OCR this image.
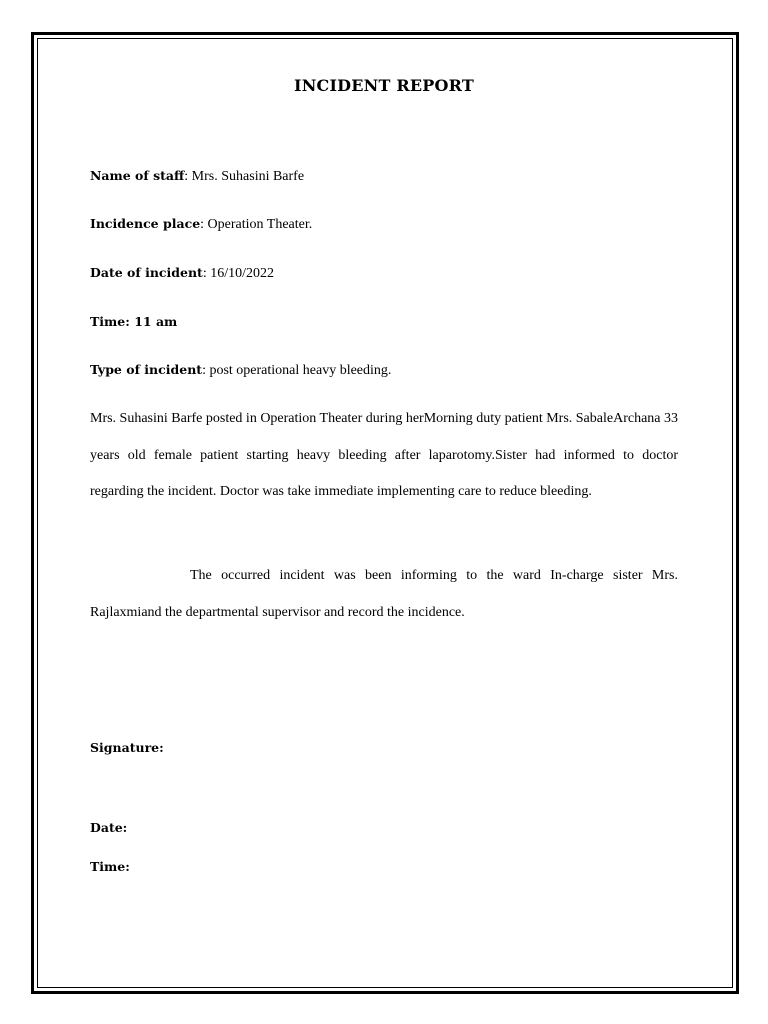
INCIDENT REPORT
Name of staff: Mrs. Suhasini Barfe
Incidence place: Operation Theater.
Date of incident: 16/10/2022
Time: 11 am
Type of incident: post operational heavy bleeding.
Mrs. Suhasini Barfe posted in Operation Theater during herMorning duty patient Mrs. SabaleArchana 33 years old female patient starting heavy bleeding after laparotomy.Sister had informed to doctor regarding the incident. Doctor was take immediate implementing care to reduce bleeding.
The occurred incident was been informing to the ward In-charge sister Mrs. Rajlaxmiand the departmental supervisor and record the incidence.
Signature:
Date:
Time:
